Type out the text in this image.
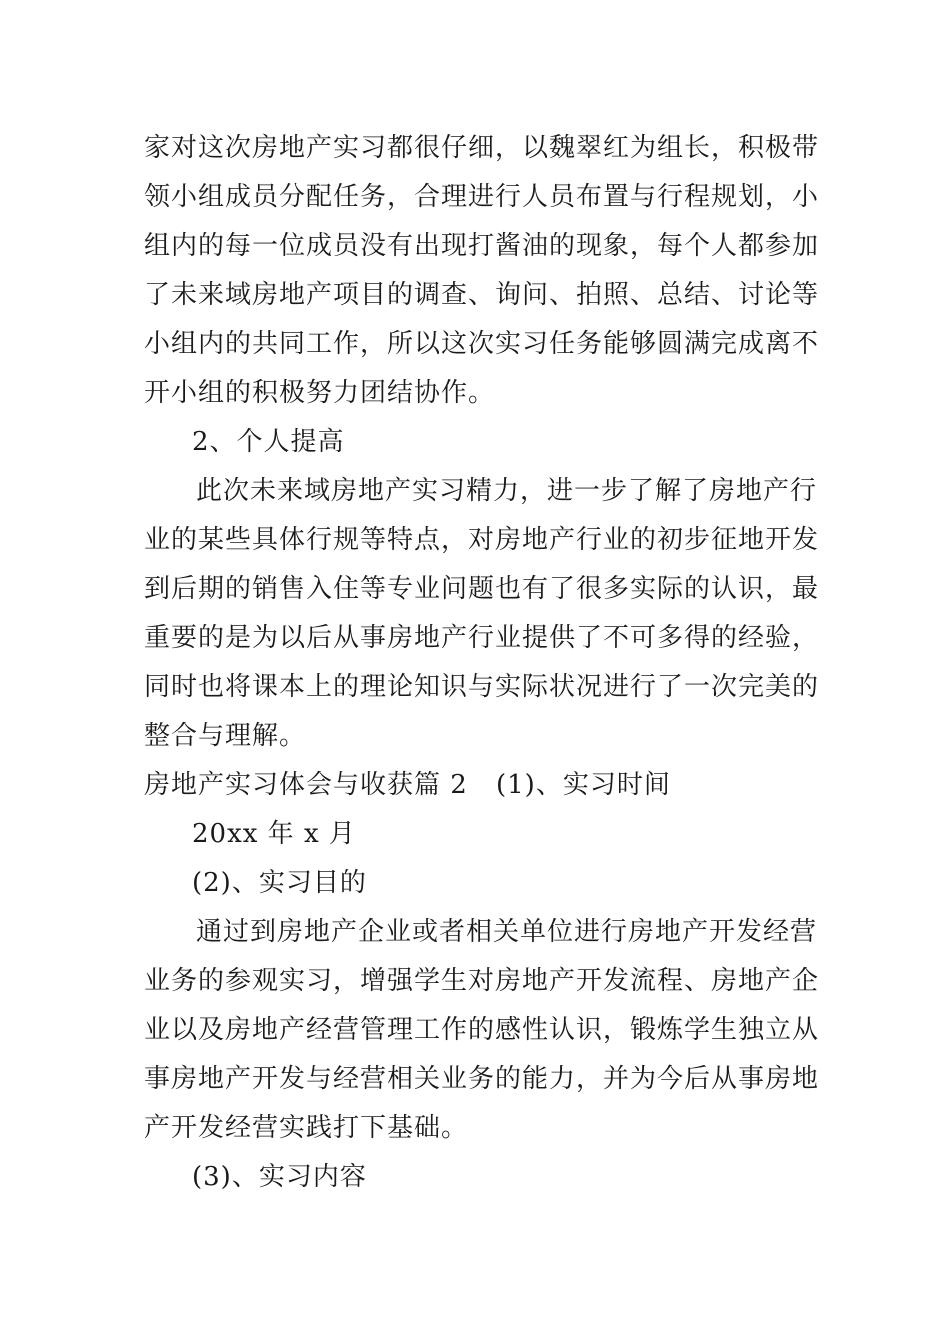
家对这次房地产实习都很仔细，以魏翠红为组长，积极带
领小组成员分配任务，合理进行人员布置与行程规划，小
组内的每一位成员没有出现打酱油的现象，每个人都参加
了未来域房地产项目的调查、询问、拍照、总结、讨论等
小组内的共同工作，所以这次实习任务能够圆满完成离不
开小组的积极努力团结协作。
2、个人提高
此次未来域房地产实习精力，进一步了解了房地产行
业的某些具体行规等特点，对房地产行业的初步征地开发
到后期的销售入住等专业问题也有了很多实际的认识，最
重要的是为以后从事房地产行业提供了不可多得的经验，
同时也将课本上的理论知识与实际状况进行了一次完美的
整合与理解。
房地产实习体会与收获篇 2	(1)、实习时间
20xx 年 x 月
(2)、实习目的
通过到房地产企业或者相关单位进行房地产开发经营
业务的参观实习，增强学生对房地产开发流程、房地产企
业以及房地产经营管理工作的感性认识，锻炼学生独立从
事房地产开发与经营相关业务的能力，并为今后从事房地
产开发经营实践打下基础。
(3)、实习内容
